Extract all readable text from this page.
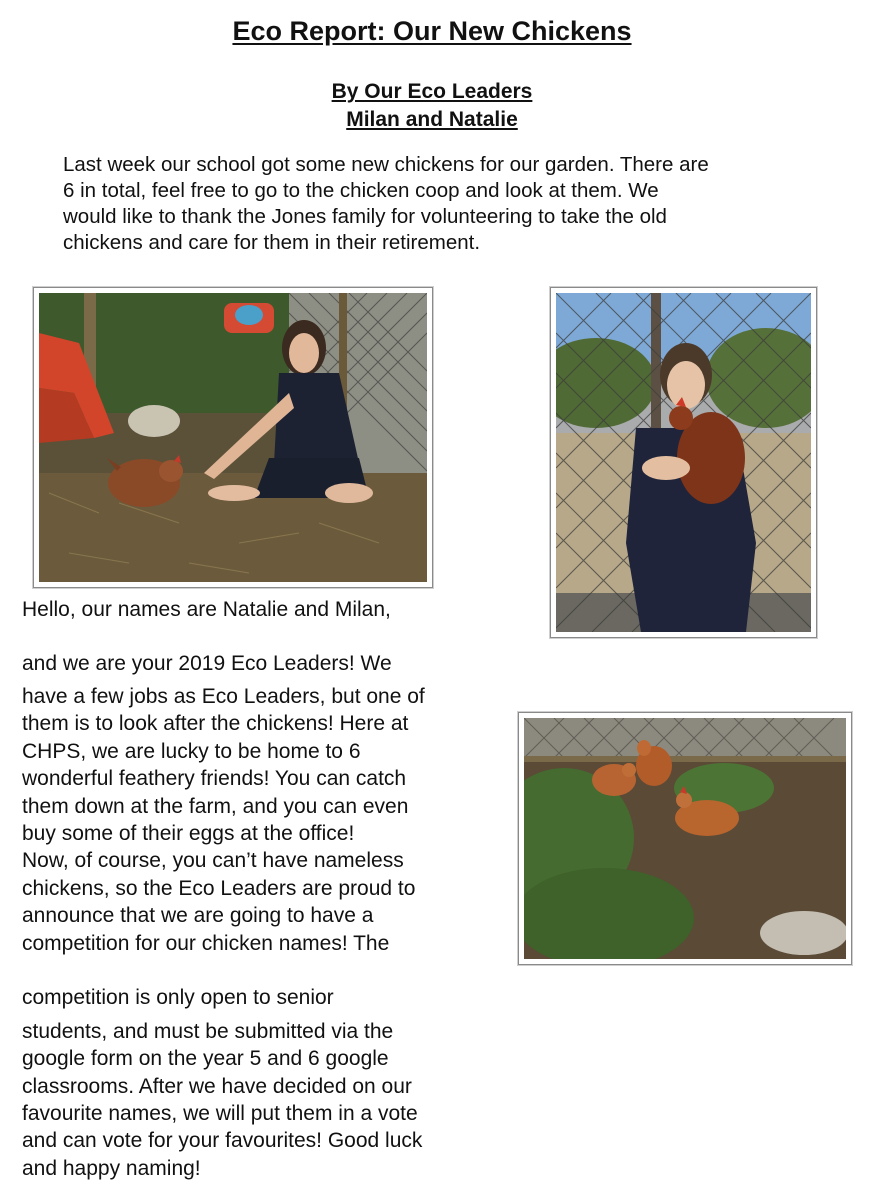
Eco Report: Our New Chickens
By Our Eco Leaders
Milan and Natalie
Last week our school got some new chickens for our garden. There are
6 in total, feel free to go to the chicken coop and look at them. We
would like to thank the Jones family for volunteering to take the old
chickens and care for them in their retirement.

Hello, our names are Natalie and Milan,

and we are your 2019 Eco Leaders! We

have a few jobs as Eco Leaders, but one of

them is to look after the chickens! Here at

CHPS, we are lucky to be home to 6

wonderful feathery friends! You can catch

them down at the farm, and you can even

buy some of their eggs at the office!

Now, of course, you can’t have nameless

chickens, so the Eco Leaders are proud to

announce that we are going to have a

competition for our chicken names! The

competition is only open to senior

students, and must be submitted via the

google form on the year 5 and 6 google

classrooms. After we have decided on our

favourite names, we will put them in a vote

and can vote for your favourites! Good luck

and happy naming!
